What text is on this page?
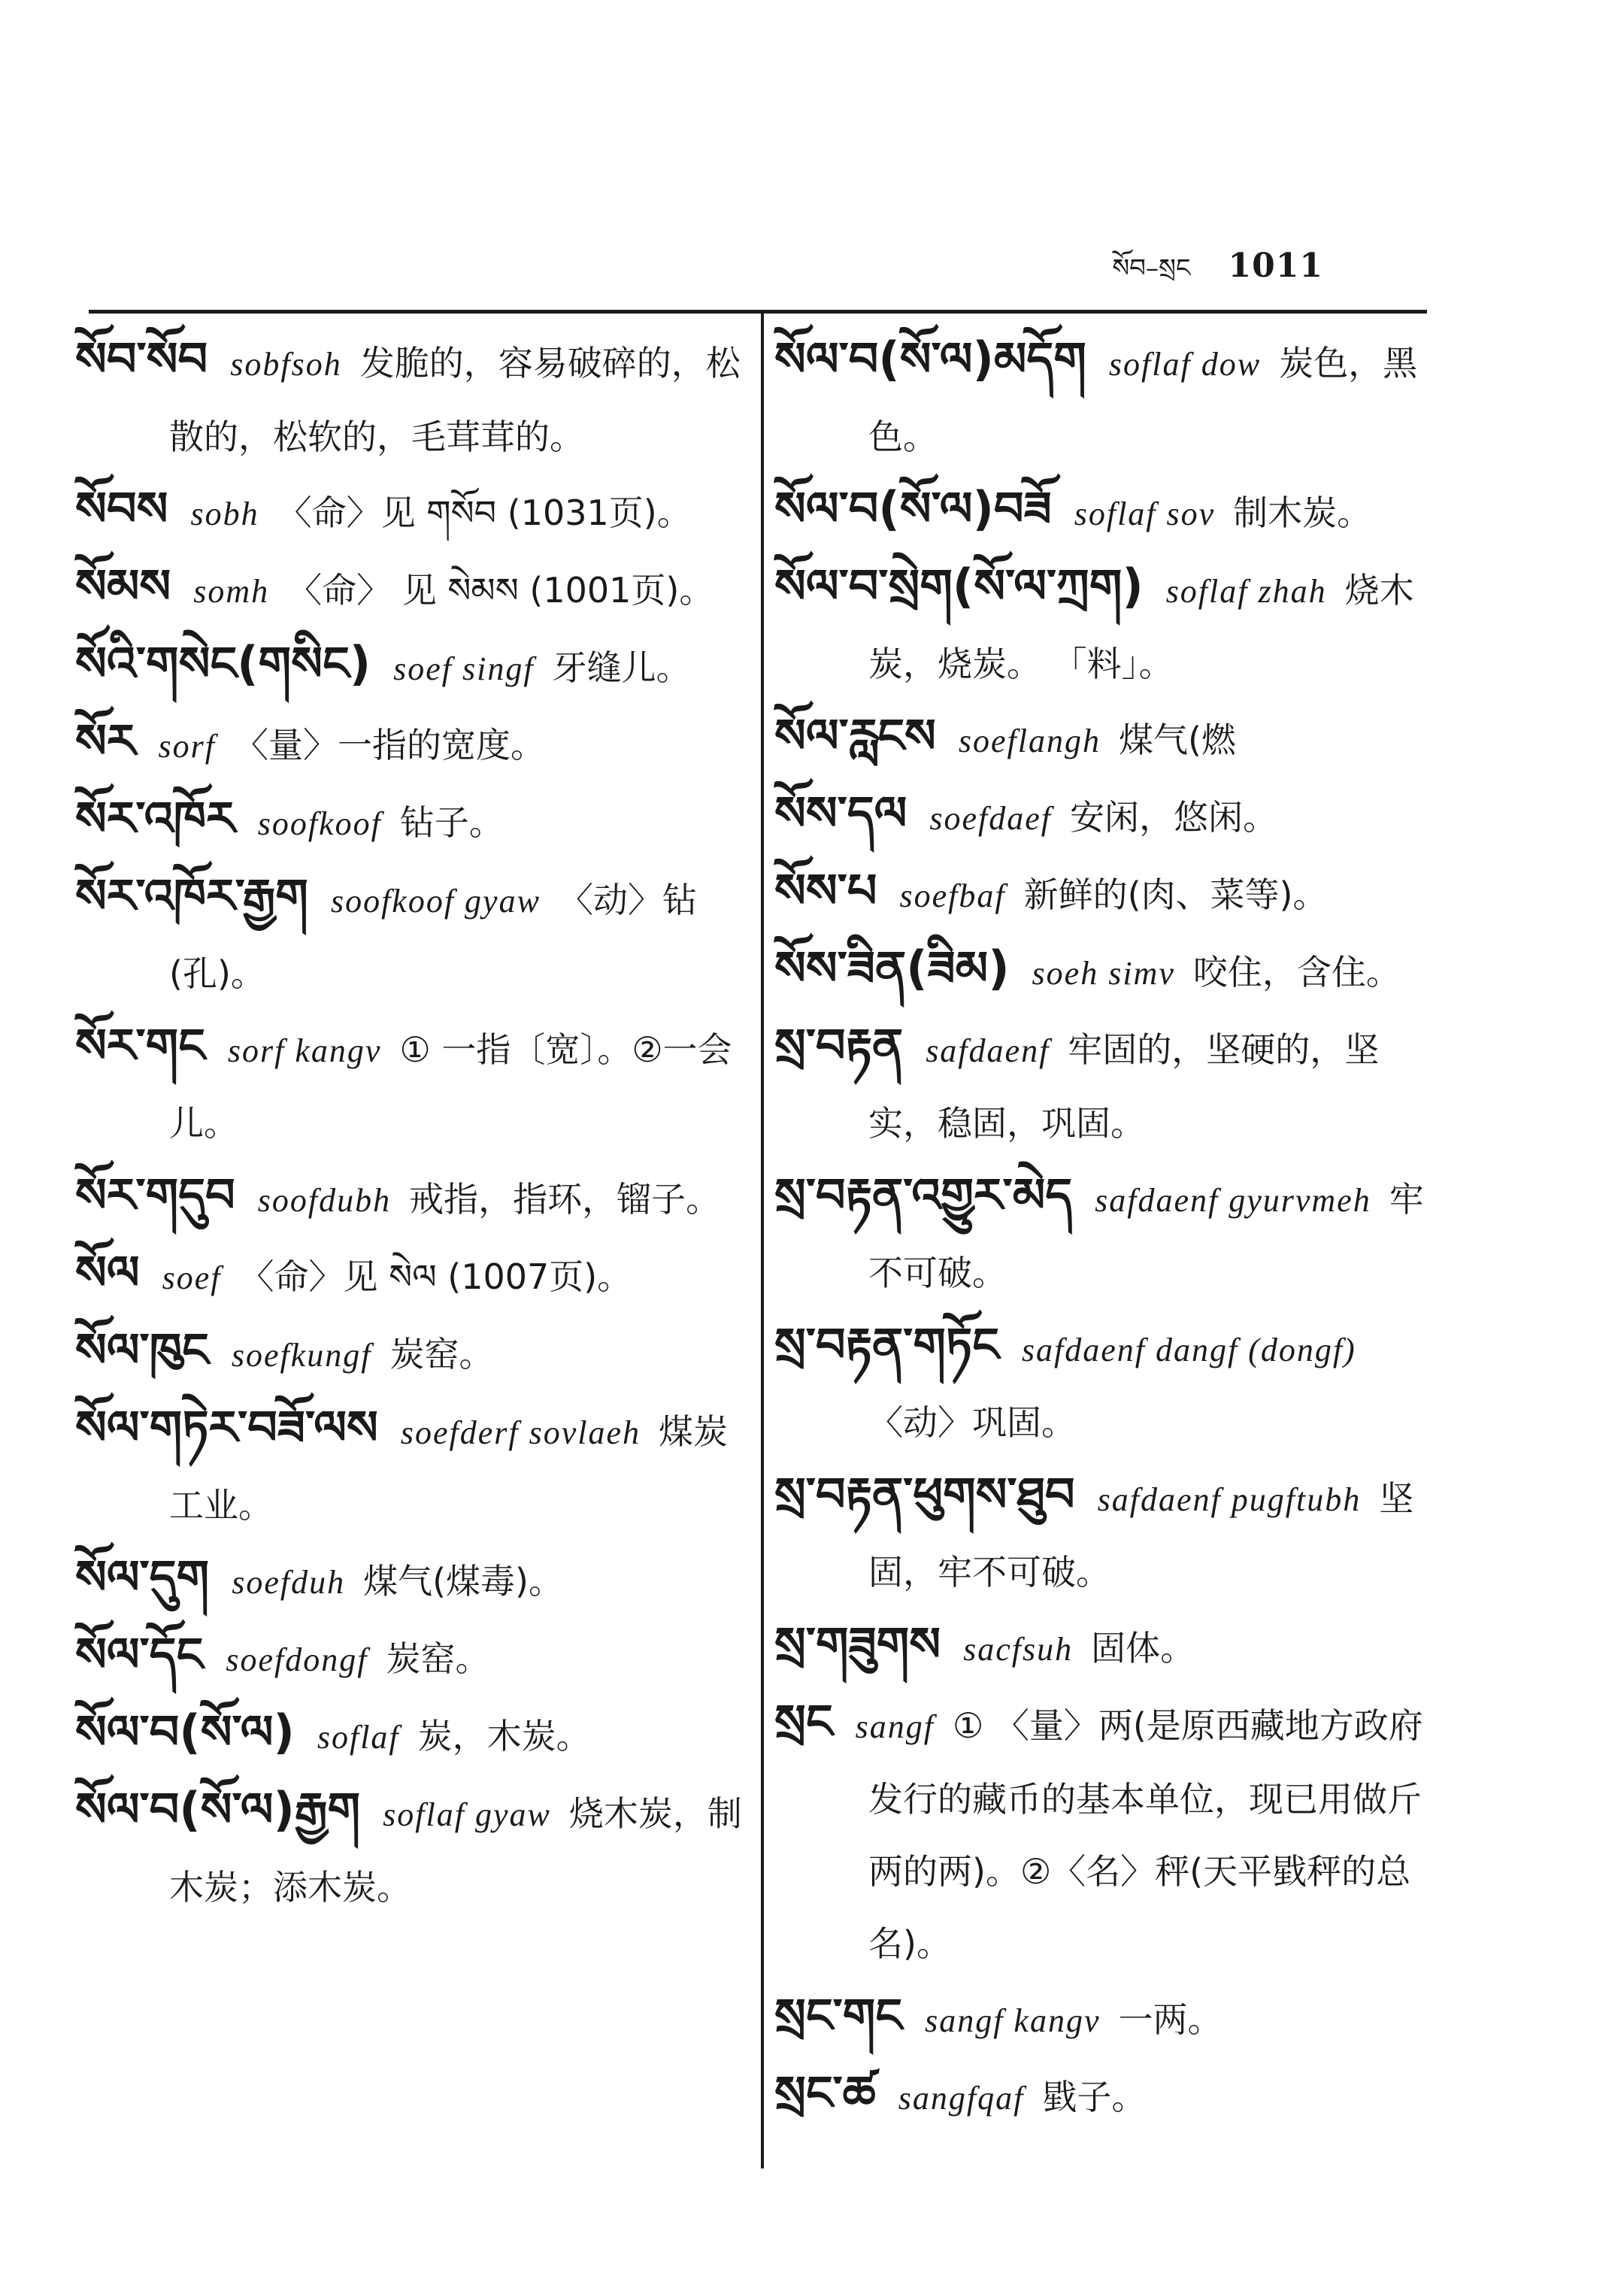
སོབ–སྲང 1011

སོབ་སོབ sobfsoh 发脆的，容易破碎的，松散的，松软的，毛茸茸的。

སོབས sobh 〈命〉见 གསོབ (1031页)。

སོམས somh 〈命〉 见 སེམས (1001页)。

སོའི་གསེང(གསིང) soef singf 牙缝儿。

སོར sorf 〈量〉一指的宽度。

སོར་འཁོར soofkoof 钻子。

སོར་འཁོར་རྒྱག soofkoof gyaw 〈动〉钻(孔)。

སོར་གང sorf kangv ① 一指〔宽〕。②一会儿。

སོར་གདུབ soofdubh 戒指，指环，镏子。

སོལ soef 〈命〉见 སེལ (1007页)。

སོལ་ཁུང soefkungf 炭窑。

སོལ་གཏེར་བཟོ་ལས soefderf sovlaeh 煤炭工业。

སོལ་དུག soefduh 煤气(煤毒)。

སོལ་དོང soefdongf 炭窑。

སོལ་བ(སོ་ལ) soflaf 炭，木炭。

སོལ་བ(སོ་ལ)རྒྱག soflaf gyaw 烧木炭，制木炭；添木炭。

སོལ་བ(སོ་ལ)མདོག soflaf dow 炭色，黑色。

སོལ་བ(སོ་ལ)བཟོ soflaf sov 制木炭。

སོལ་བ་སྲེག(སོ་ལ་ཀྲག) soflaf zhah 烧木炭，烧炭。 「料」。

སོལ་རླངས soeflangh 煤气(燃

སོས་དལ soefdaef 安闲，悠闲。

སོས་པ soefbaf 新鲜的(肉、菜等)。

སོས་ཟིན(ཟིམ) soeh simv 咬住，含住。

སྲ་བརྟན safdaenf 牢固的，坚硬的，坚实，稳固，巩固。

སྲ་བརྟན་འགྱུར་མེད safdaenf gyurvmeh 牢不可破。

སྲ་བརྟན་གཏོང safdaenf dangf (dongf)〈动〉巩固。

སྲ་བརྟན་ཕུགས་ཐུབ safdaenf pugftubh 坚固，牢不可破。

སྲ་གཟུགས sacfsuh 固体。

སྲང sangf ① 〈量〉两(是原西藏地方政府发行的藏币的基本单位，现已用做斤两的两)。②〈名〉秤(天平戥秤的总名)。

སྲང་གང sangf kangv 一两。

སྲང་ཚ sangfqaf 戥子。
